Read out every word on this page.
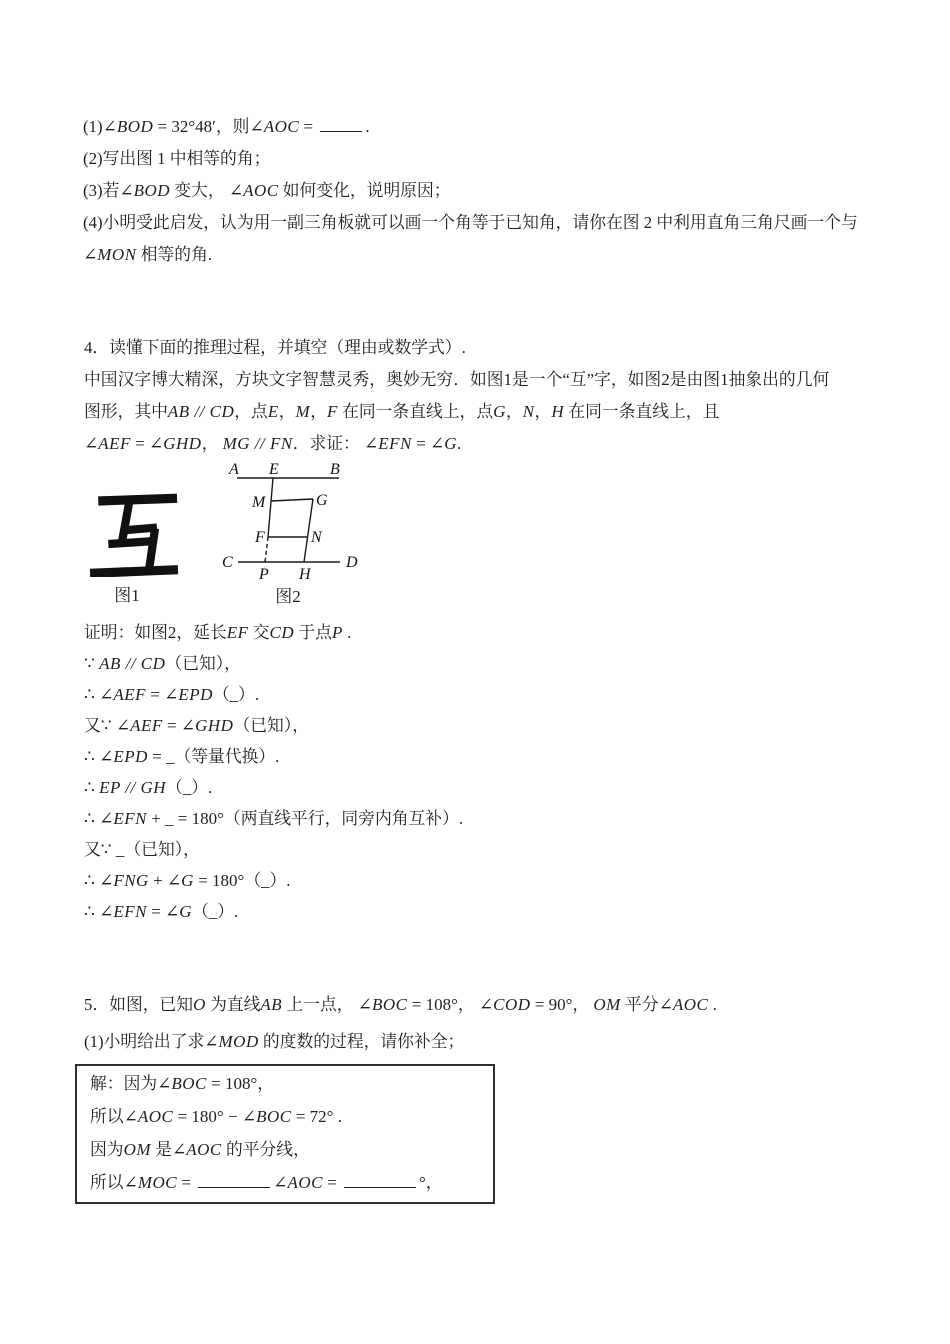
(1)∠BOD = 32°48′，则∠AOC =	.
(2)写出图 1 中相等的角；
(3)若∠BOD 变大， ∠AOC 如何变化，说明原因；
(4)小明受此启发，认为用一副三角板就可以画一个角等于已知角，请你在图 2 中利用直角三角尺画一个与
∠MON 相等的角.
4．读懂下面的推理过程，并填空（理由或数学式）.
中国汉字博大精深，方块文字智慧灵秀，奥妙无穷．如图1是一个“互”字，如图2是由图1抽象出的几何
图形，其中AB // CD，点E，M，F 在同一条直线上，点G，N，H 在同一条直线上，且
∠AEF = ∠GHD， MG // FN．求证： ∠EFN = ∠G.
图1
A E	B
M	G
F	N
C	D
P H
图2
证明：如图2，延长EF 交CD 于点P .
∵ AB // CD（已知），
∴ ∠AEF = ∠EPD（_）.
又∵ ∠AEF = ∠GHD（已知），
∴ ∠EPD = _（等量代换）.
∴ EP // GH（_）.
∴ ∠EFN + _ = 180°（两直线平行，同旁内角互补）.
又∵ _（已知），
∴ ∠FNG + ∠G = 180°（_）.
∴ ∠EFN = ∠G（_）.
5．如图，已知O 为直线AB 上一点， ∠BOC = 108°， ∠COD = 90°， OM 平分∠AOC .
(1)小明给出了求∠MOD 的度数的过程，请你补全；
解：因为∠BOC = 108°，
所以∠AOC = 180° − ∠BOC = 72° .
因为OM 是∠AOC 的平分线，
所以∠MOC =	∠AOC =	°，
